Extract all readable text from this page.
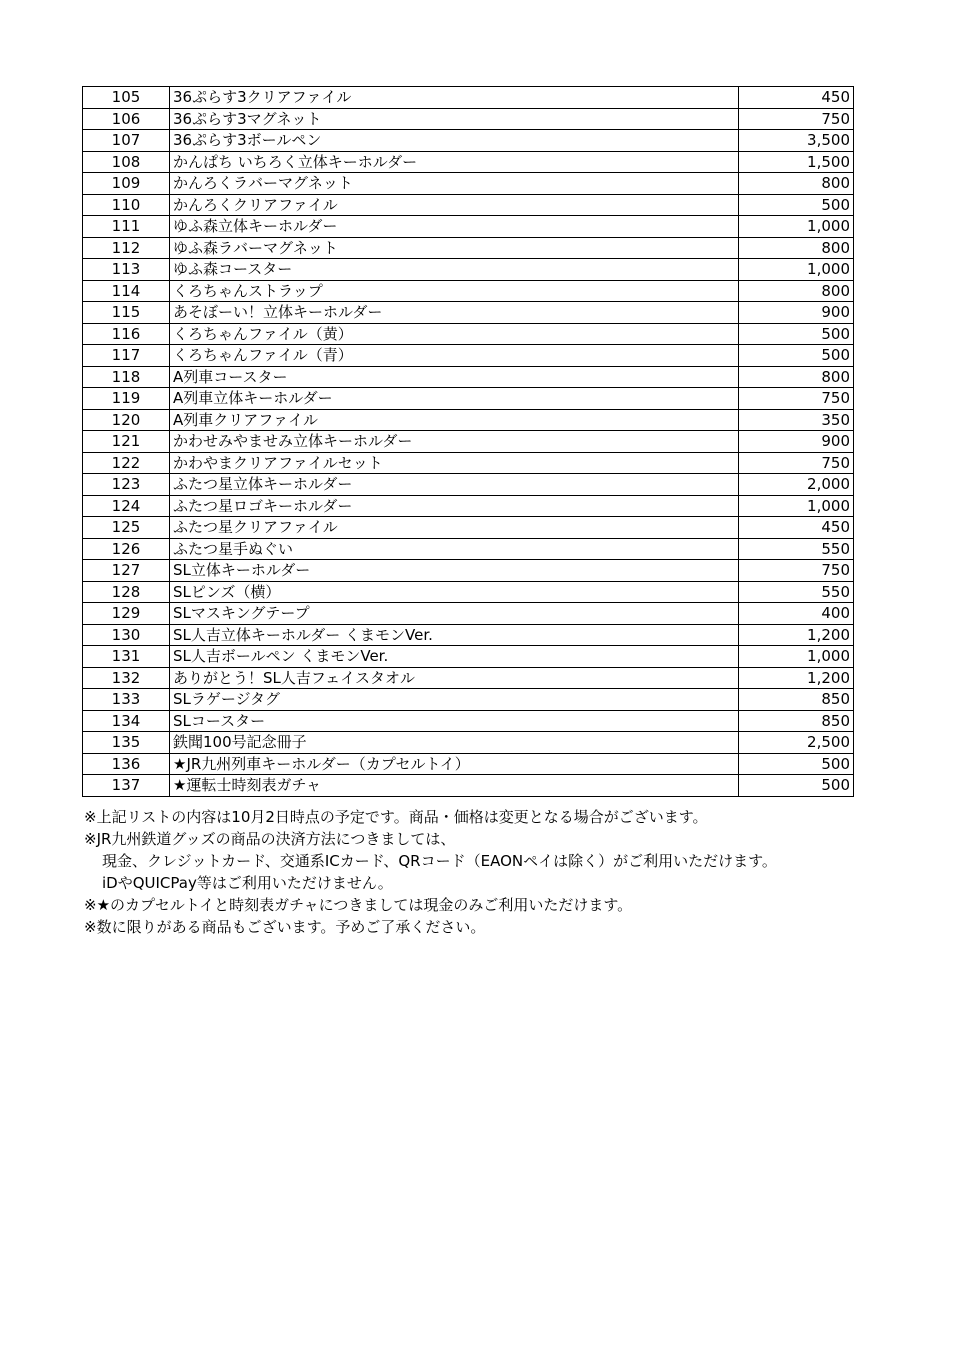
105	36ぷらす3クリアファイル	450
106	36ぷらす3マグネット	750
107	36ぷらす3ボールペン	3,500
108	かんぱち いちろく立体キーホルダー	1,500
109	かんろくラバーマグネット	800
110	かんろくクリアファイル	500
111	ゆふ森立体キーホルダー	1,000
112	ゆふ森ラバーマグネット	800
113	ゆふ森コースター	1,000
114	くろちゃんストラップ	800
115	あそぼーい！立体キーホルダー	900
116	くろちゃんファイル（黄）	500
117	くろちゃんファイル（青）	500
118	A列車コースター	800
119	A列車立体キーホルダー	750
120	A列車クリアファイル	350
121	かわせみやませみ立体キーホルダー	900
122	かわやまクリアファイルセット	750
123	ふたつ星立体キーホルダー	2,000
124	ふたつ星ロゴキーホルダー	1,000
125	ふたつ星クリアファイル	450
126	ふたつ星手ぬぐい	550
127	SL立体キーホルダー	750
128	SLピンズ（横）	550
129	SLマスキングテープ	400
130	SL人吉立体キーホルダー くまモンVer.	1,200
131	SL人吉ボールペン くまモンVer.	1,000
132	ありがとう！SL人吉フェイスタオル	1,200
133	SLラゲージタグ	850
134	SLコースター	850
135	鉄聞100号記念冊子	2,500
136	★JR九州列車キーホルダー（カプセルトイ）	500
137	★運転士時刻表ガチャ	500
※上記リストの内容は10月2日時点の予定です。商品・価格は変更となる場合がございます。
※JR九州鉄道グッズの商品の決済方法につきましては、
現金、クレジットカード、交通系ICカード、QRコード（EAONペイは除く）がご利用いただけます。
iDやQUICPay等はご利用いただけません。
※★のカプセルトイと時刻表ガチャにつきましては現金のみご利用いただけます。
※数に限りがある商品もございます。予めご了承ください。
